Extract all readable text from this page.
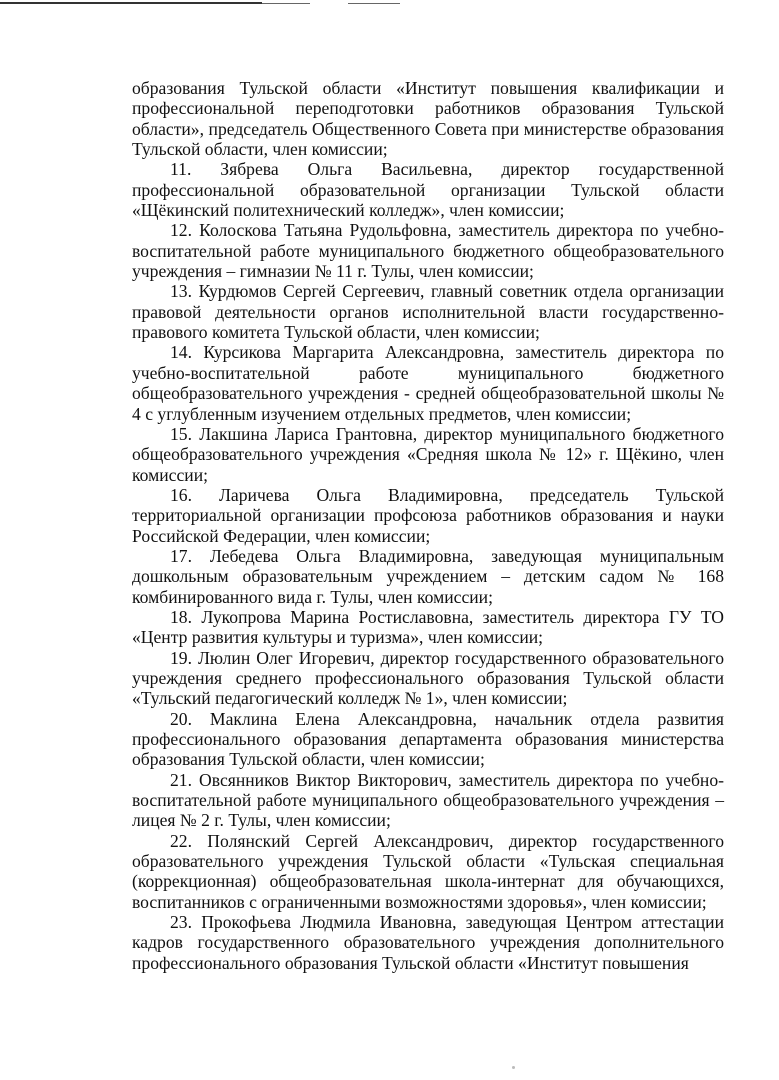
образования Тульской области «Институт повышения квалификации и профессиональной переподготовки работников образования Тульской области», председатель Общественного Совета при министерстве образования Тульской области, член комиссии;

11. Зябрева Ольга Васильевна, директор государственной профессиональной образовательной организации Тульской области «Щёкинский политехнический колледж», член комиссии;

12. Колоскова Татьяна Рудольфовна, заместитель директора по учебно-воспитательной работе муниципального бюджетного общеобразовательного учреждения – гимназии № 11 г. Тулы, член комиссии;

13. Курдюмов Сергей Сергеевич, главный советник отдела организации правовой деятельности органов исполнительной власти государственно-правового комитета Тульской области, член комиссии;

14. Курсикова Маргарита Александровна, заместитель директора по учебно-воспитательной работе муниципального бюджетного общеобразовательного учреждения - средней общеобразовательной школы № 4 с углубленным изучением отдельных предметов, член комиссии;

15. Лакшина Лариса Грантовна, директор муниципального бюджетного общеобразовательного учреждения «Средняя школа № 12» г. Щёкино, член комиссии;

16. Ларичева Ольга Владимировна, председатель Тульской территориальной организации профсоюза работников образования и науки Российской Федерации, член комиссии;

17. Лебедева Ольга Владимировна, заведующая муниципальным дошкольным образовательным учреждением – детским садом № 168 комбинированного вида г. Тулы, член комиссии;

18. Лукопрова Марина Ростиславовна, заместитель директора ГУ ТО «Центр развития культуры и туризма», член комиссии;

19. Люлин Олег Игоревич, директор государственного образовательного учреждения среднего профессионального образования Тульской области «Тульский педагогический колледж № 1», член комиссии;

20. Маклина Елена Александровна, начальник отдела развития профессионального образования департамента образования министерства образования Тульской области, член комиссии;

21. Овсянников Виктор Викторович, заместитель директора по учебно-воспитательной работе муниципального общеобразовательного учреждения – лицея № 2 г. Тулы, член комиссии;

22. Полянский Сергей Александрович, директор государственного образовательного учреждения Тульской области «Тульская специальная (коррекционная) общеобразовательная школа-интернат для обучающихся, воспитанников с ограниченными возможностями здоровья», член комиссии;

23. Прокофьева Людмила Ивановна, заведующая Центром аттестации кадров государственного образовательного учреждения дополнительного профессионального образования Тульской области «Институт повышения
